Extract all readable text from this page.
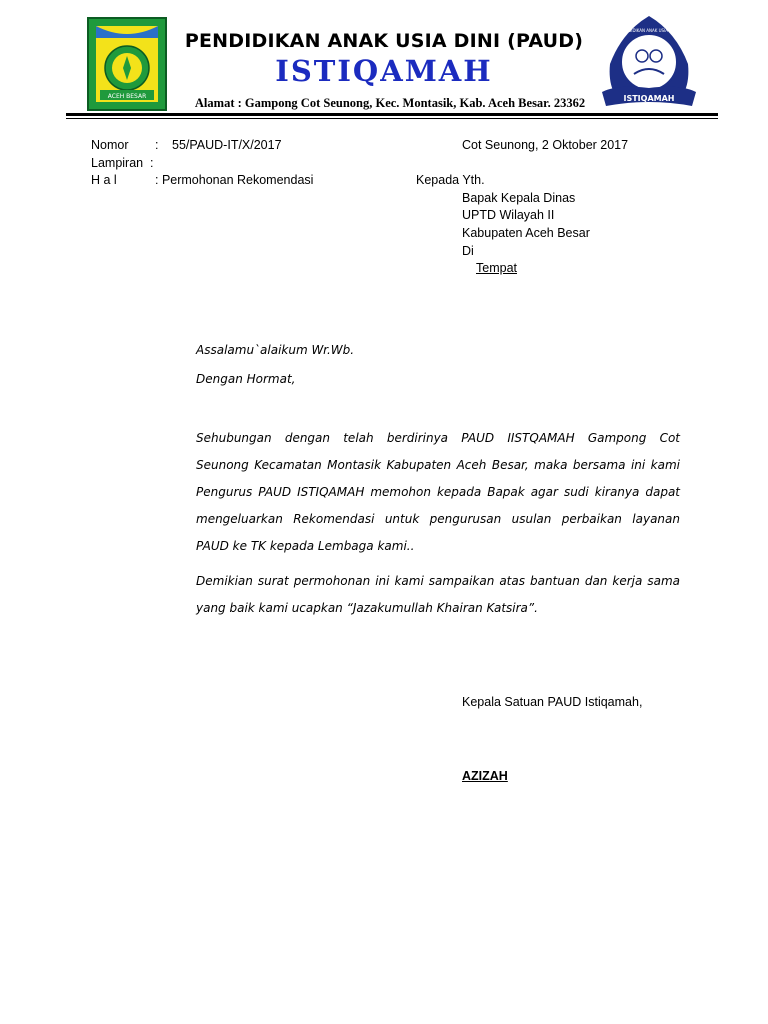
ACEH BESAR
PENDIDIKAN ANAK USIA DINI
ISTIQAMAH
PENDIDIKAN ANAK USIA DINI (PAUD)
ISTIQAMAH
Alamat : Gampong Cot Seunong, Kec. Montasik, Kab. Aceh Besar. 23362
Nomor : 55/PAUD-IT/X/2017
Lampiran :
H a l	: Permohonan Rekomendasi
Cot Seunong, 2 Oktober 2017
Kepada Yth.
Bapak Kepala Dinas
UPTD Wilayah II
Kabupaten Aceh Besar
Di
Tempat
Assalamu`alaikum Wr.Wb.
Dengan Hormat,
Sehubungan dengan telah berdirinya PAUD IISTQAMAH Gampong Cot
Seunong Kecamatan Montasik Kabupaten Aceh Besar, maka bersama ini kami
Pengurus PAUD ISTIQAMAH memohon kepada Bapak agar sudi kiranya dapat
mengeluarkan Rekomendasi untuk pengurusan usulan perbaikan layanan
PAUD ke TK kepada Lembaga kami..
Demikian surat permohonan ini kami sampaikan atas bantuan dan kerja sama
yang baik kami ucapkan “Jazakumullah Khairan Katsira”.
Kepala Satuan PAUD Istiqamah,
AZIZAH
